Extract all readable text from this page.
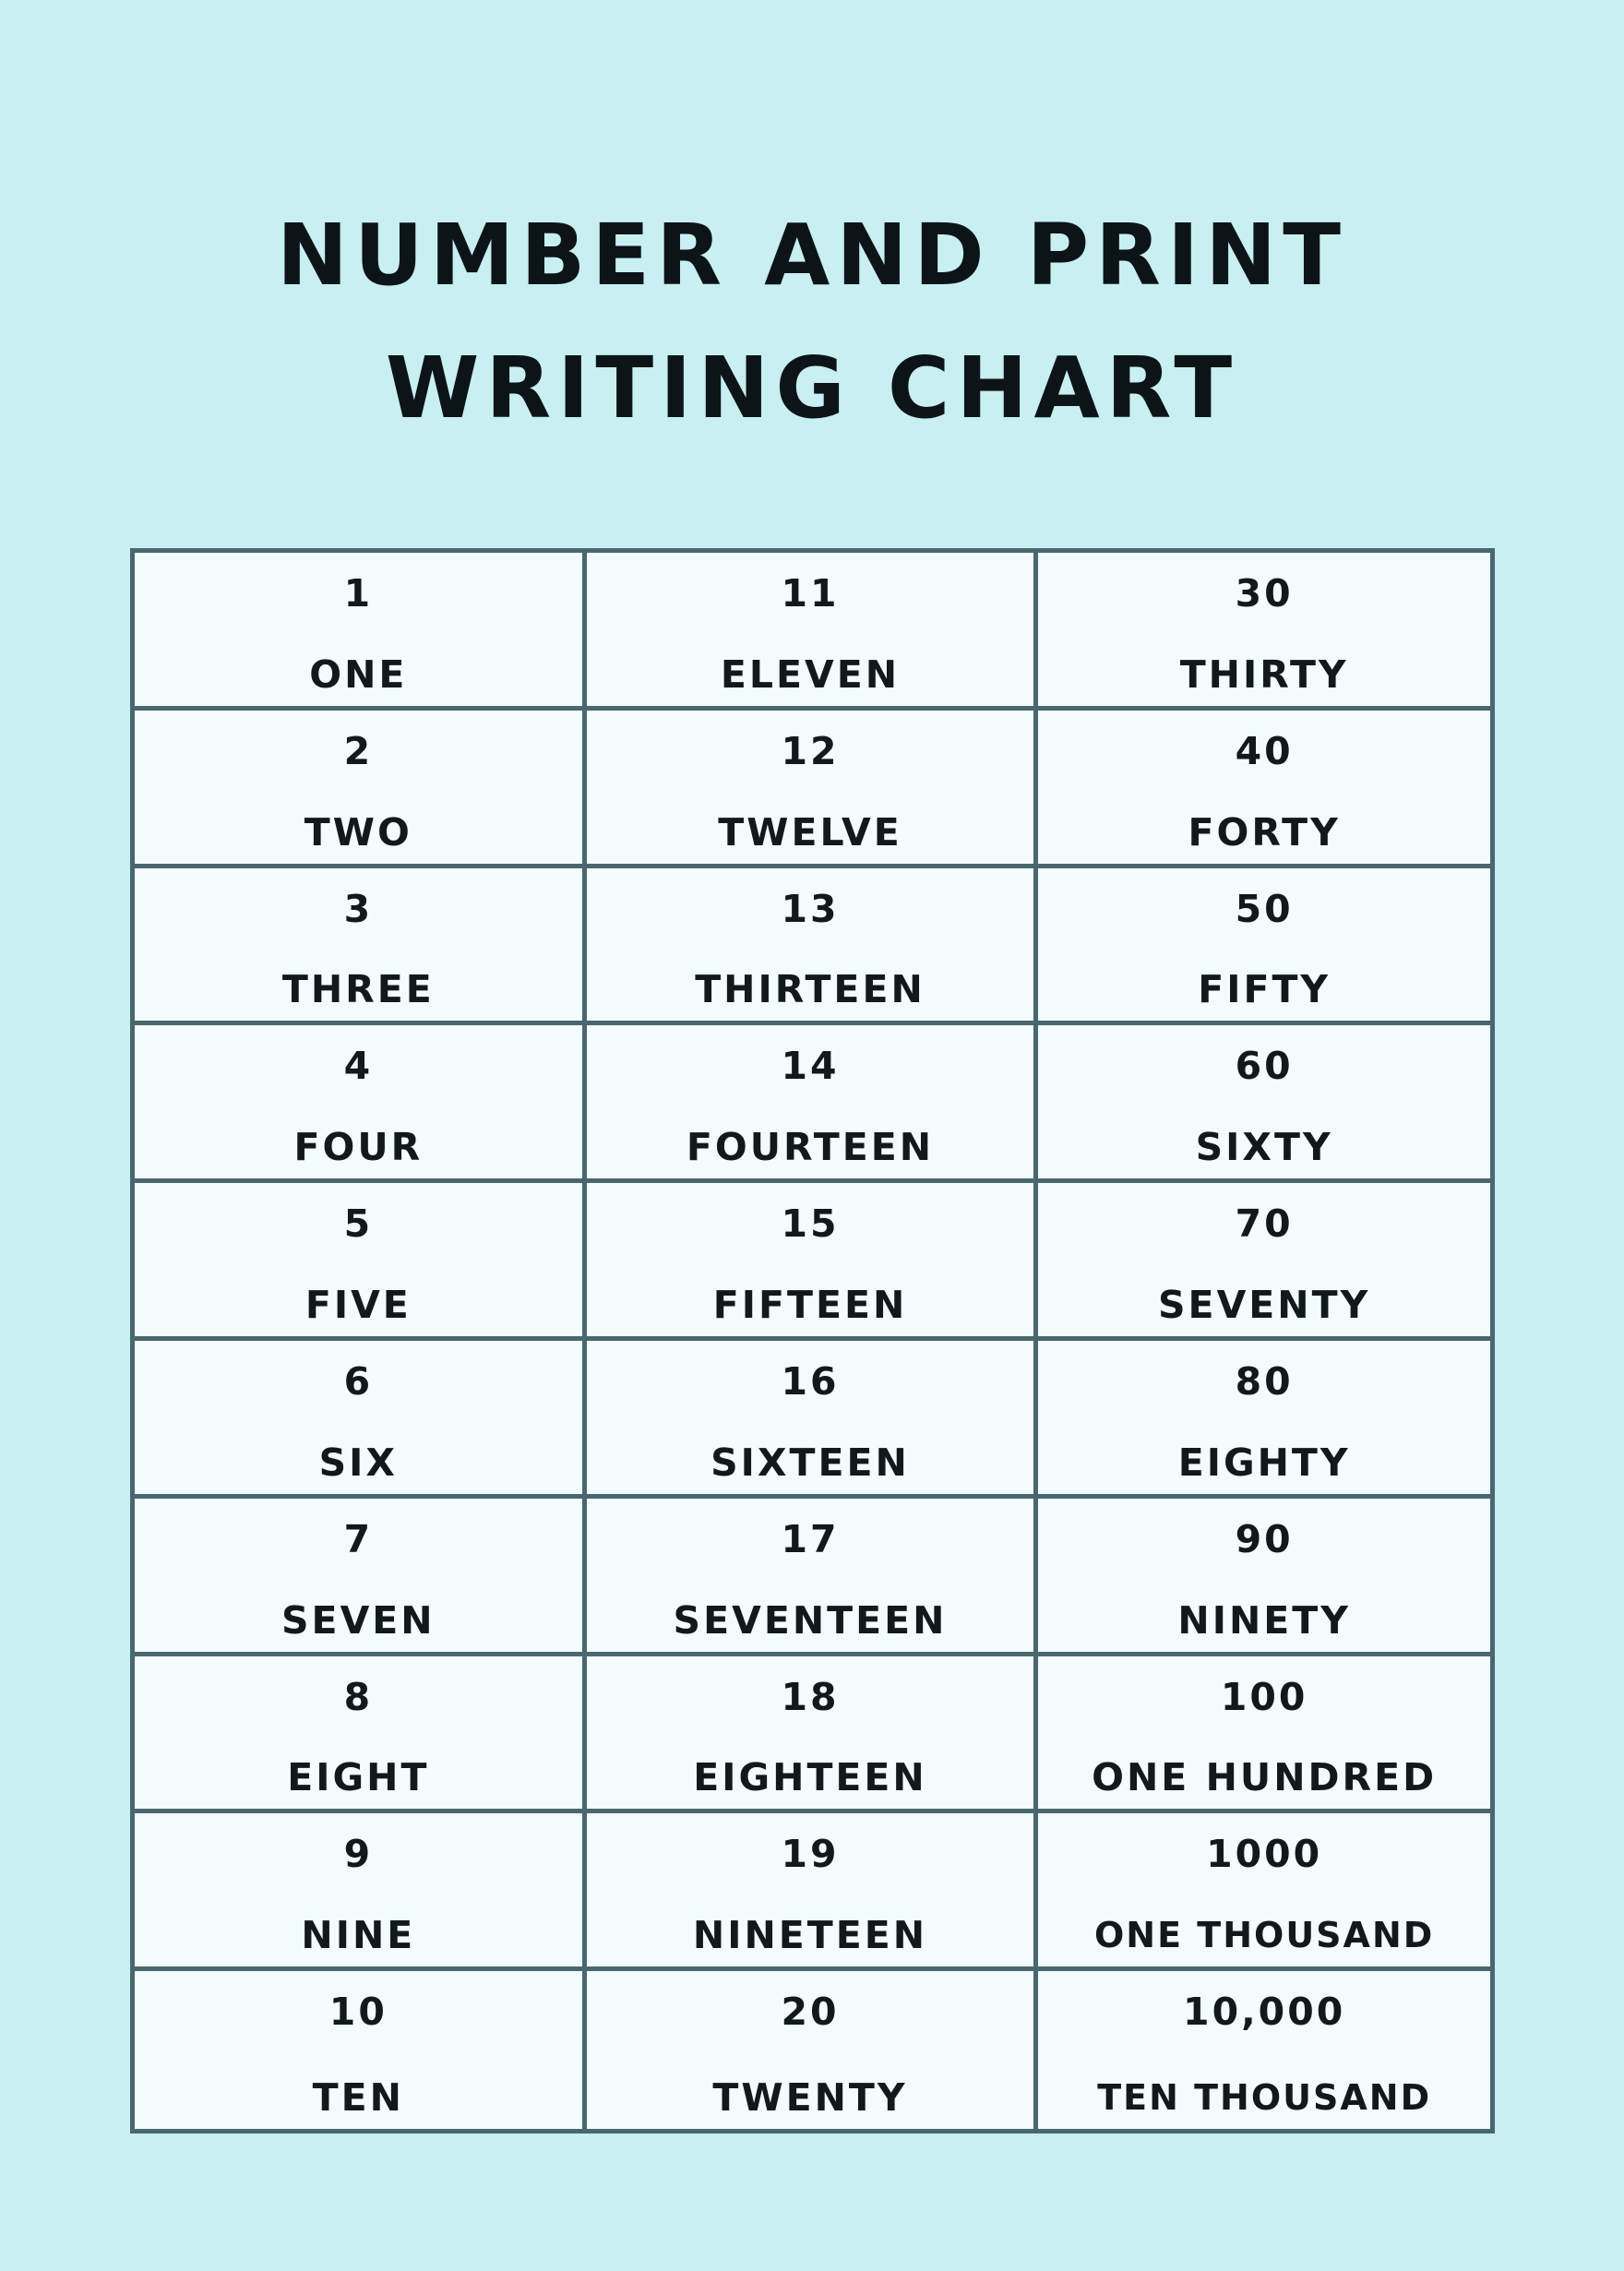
NUMBER AND PRINT
WRITING CHART
1
ONE
11
ELEVEN
30
THIRTY
2
TWO
12
TWELVE
40
FORTY
3
THREE
13
THIRTEEN
50
FIFTY
4
FOUR
14
FOURTEEN
60
SIXTY
5
FIVE
15
FIFTEEN
70
SEVENTY
6
SIX
16
SIXTEEN
80
EIGHTY
7
SEVEN
17
SEVENTEEN
90
NINETY
8
EIGHT
18
EIGHTEEN
100
ONE HUNDRED
9
NINE
19
NINETEEN
1000
ONE THOUSAND
10
TEN
20
TWENTY
10,000
TEN THOUSAND
